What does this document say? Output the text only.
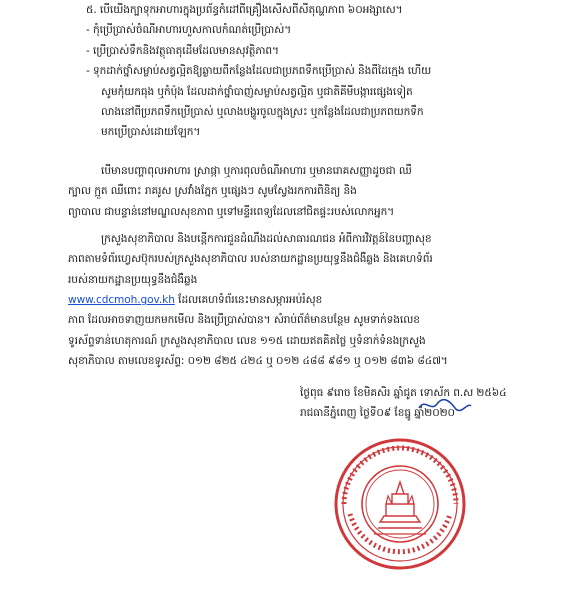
៥. បើយើងក្បាទុកអាហារក្នុងប្រព័ន្ធកំដៅពីគ្រឿងសើសពីសីតុណ្ហភាព ៦០អង្សាសេ។
- កុំប្រើប្រាស់ចំណីអាហារហួសកាលកំណត់ប្រើប្រាស់។
- ប្រើប្រាស់ទឹកនិងវត្ថុធាតុដើមដែលមានសុវត្ថិភាព។
- ទុកដាក់ថ្នាំសម្លាប់សត្វល្អិតឱ្យឆ្ងាយពីកន្លែងដែលជាប្រភពទឹកប្រើប្រាស់ និងពីដៃក្មេង ហើយ
សូមកុំយកធុង ឬកំប៉ុង ដែលដាក់ថ្នាំបាញ់សម្លាប់សត្វល្អិត ឬជាតិគីមីបង្ការផ្សេងទៀត
លាងនៅពីប្រភពទឹកប្រើប្រាស់ ឬលាងបង្ហូរចូលក្នុងស្រះ ឬកន្លែងដែលជាប្រភពយកទឹក
មកប្រើប្រាស់ដោយឡែក។
បើមានបញ្ហាពុលអាហារ ស្រាផ្កា ឬការពុលចំណីអាហារ ឬមានរោគសញ្ញាដូចជា ឈឺ
ក្បាល ក្អួត ឈឺពោះ រាគរូស ស្រវាំងភ្នែក ឬផ្សេងៗ សូមស្វែងរកការពិនិត្យ និង
ព្យាបាល ជាបន្ទាន់នៅមណ្ឌលសុខភាព ឬទៅមន្ទីរពេទ្យដែលនៅជិតផ្ទះរបស់លោកអ្នក។
ក្រសួងសុខាភិបាល និងបន្តើកការជួនដំណឹងដល់សាធារណជន អំពីការវិវត្តន៍នៃបញ្ហាសុខ
ភាពតាមទំព័រហ្វេសប៊ុករបស់ក្រសួងសុខាភិបាល របស់នាយកដ្ឋានប្រយុទ្ធនឹងជំងឺឆ្លង និងគេហទំព័រ
របស់នាយកដ្ឋានប្រយុទ្ធនឹងជំងឺឆ្លង
www.cdcmoh.gov.kh ដែលគេហទំព័រនេះមានសម្ភារអប់រំសុខ
ភាព ដែលអាចទាញយកមកមើល និងប្រើប្រាស់បាន។ សំរាប់ព័ត៌មានបន្ថែម សូមទាក់ទងលេខ
ទូរស័ព្ទទាន់ហេតុការណ៍ ក្រសួងសុខាភិបាល លេខ ១១៥ ដោយឥតគិតថ្លៃ ឬទំនាក់ទំនងក្រសួង
សុខាភិបាល តាមលេខទូរស័ព្ទ: ០១២ ៨២៥ ៤២៤ ឬ ០១២ ៤៨៨ ៩៨១ ឬ ០១២ ៨៣៦ ៨៤៧។
ថ្ងៃពុធ ៩រោច ខែមិគសិរ ឆ្នាំជូត ទោស័ក ព.ស ២៥៦៤
រាជធានីភ្នំពេញ ថ្ងៃទី០៩ ខែធ្នូ ឆ្នាំ២០២០
